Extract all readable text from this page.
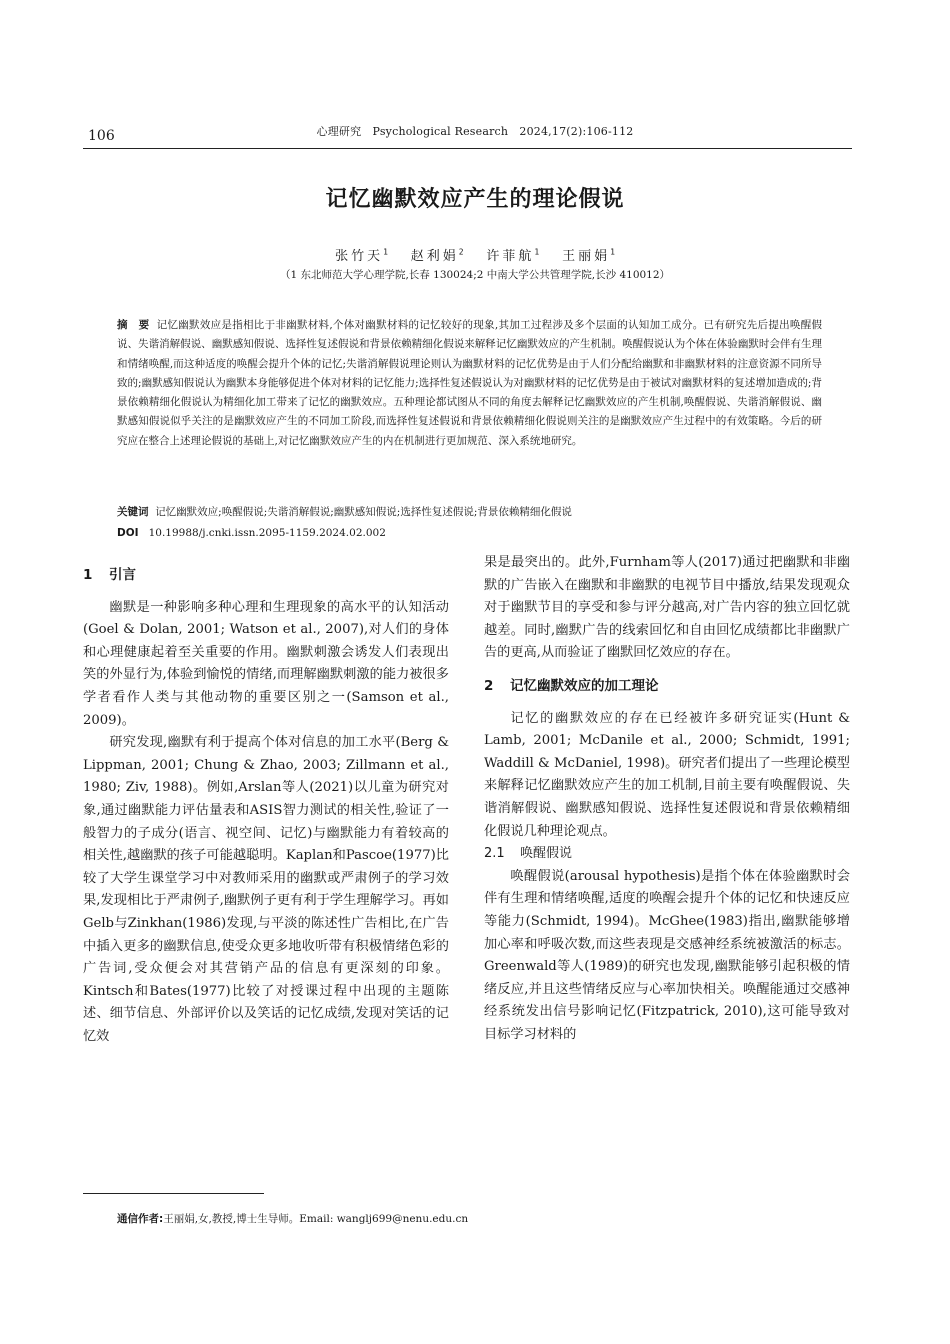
106	心理研究　Psychological Research　2024,17(2):106-112
记忆幽默效应产生的理论假说
张竹天$^1$ 赵利娟$^2$ 许菲航$^1$ 王丽娟$^1$
（1 东北师范大学心理学院,长春 130024;2 中南大学公共管理学院,长沙 410012）
摘　要 记忆幽默效应是指相比于非幽默材料,个体对幽默材料的记忆较好的现象,其加工过程涉及多个层面的认知加工成分。已有研究先后提出唤醒假说、失谐消解假说、幽默感知假说、选择性复述假说和背景依赖精细化假说来解释记忆幽默效应的产生机制。唤醒假说认为个体在体验幽默时会伴有生理和情绪唤醒,而这种适度的唤醒会提升个体的记忆;失谐消解假说理论则认为幽默材料的记忆优势是由于人们分配给幽默和非幽默材料的注意资源不同所导致的;幽默感知假说认为幽默本身能够促进个体对材料的记忆能力;选择性复述假说认为对幽默材料的记忆优势是由于被试对幽默材料的复述增加造成的;背景依赖精细化假说认为精细化加工带来了记忆的幽默效应。五种理论都试图从不同的角度去解释记忆幽默效应的产生机制,唤醒假说、失谐消解假说、幽默感知假说似乎关注的是幽默效应产生的不同加工阶段,而选择性复述假说和背景依赖精细化假说则关注的是幽默效应产生过程中的有效策略。今后的研究应在整合上述理论假说的基础上,对记忆幽默效应产生的内在机制进行更加规范、深入系统地研究。
关键词 记忆幽默效应;唤醒假说;失谐消解假说;幽默感知假说;选择性复述假说;背景依赖精细化假说
DOI 10.19988/j.cnki.issn.2095-1159.2024.02.002
1 引言

幽默是一种影响多种心理和生理现象的高水平的认知活动(Goel & Dolan, 2001; Watson et al., 2007),对人们的身体和心理健康起着至关重要的作用。幽默刺激会诱发人们表现出笑的外显行为,体验到愉悦的情绪,而理解幽默刺激的能力被很多学者看作人类与其他动物的重要区别之一(Samson et al., 2009)。

研究发现,幽默有利于提高个体对信息的加工水平(Berg & Lippman, 2001; Chung & Zhao, 2003; Zillmann et al., 1980; Ziv, 1988)。例如,Arslan等人(2021)以儿童为研究对象,通过幽默能力评估量表和ASIS智力测试的相关性,验证了一般智力的子成分(语言、视空间、记忆)与幽默能力有着较高的相关性,越幽默的孩子可能越聪明。Kaplan和Pascoe(1977)比较了大学生课堂学习中对教师采用的幽默或严肃例子的学习效果,发现相比于严肃例子,幽默例子更有利于学生理解学习。再如Gelb与Zinkhan(1986)发现,与平淡的陈述性广告相比,在广告中插入更多的幽默信息,使受众更多地收听带有积极情绪色彩的广告词,受众便会对其营销产品的信息有更深刻的印象。Kintsch和Bates(1977)比较了对授课过程中出现的主题陈述、细节信息、外部评价以及笑话的记忆成绩,发现对笑话的记忆效

果是最突出的。此外,Furnham等人(2017)通过把幽默和非幽默的广告嵌入在幽默和非幽默的电视节目中播放,结果发现观众对于幽默节目的享受和参与评分越高,对广告内容的独立回忆就越差。同时,幽默广告的线索回忆和自由回忆成绩都比非幽默广告的更高,从而验证了幽默回忆效应的存在。

2 记忆幽默效应的加工理论

记忆的幽默效应的存在已经被许多研究证实(Hunt & Lamb, 2001; McDanile et al., 2000; Schmidt, 1991; Waddill & McDaniel, 1998)。研究者们提出了一些理论模型来解释记忆幽默效应产生的加工机制,目前主要有唤醒假说、失谐消解假说、幽默感知假说、选择性复述假说和背景依赖精细化假说几种理论观点。

2.1 唤醒假说

唤醒假说(arousal hypothesis)是指个体在体验幽默时会伴有生理和情绪唤醒,适度的唤醒会提升个体的记忆和快速反应等能力(Schmidt, 1994)。McGhee(1983)指出,幽默能够增加心率和呼吸次数,而这些表现是交感神经系统被激活的标志。Greenwald等人(1989)的研究也发现,幽默能够引起积极的情绪反应,并且这些情绪反应与心率加快相关。唤醒能通过交感神经系统发出信号影响记忆(Fitzpatrick, 2010),这可能导致对目标学习材料的

通信作者:王丽娟,女,教授,博士生导师。Email: wanglj699@nenu.edu.cn
